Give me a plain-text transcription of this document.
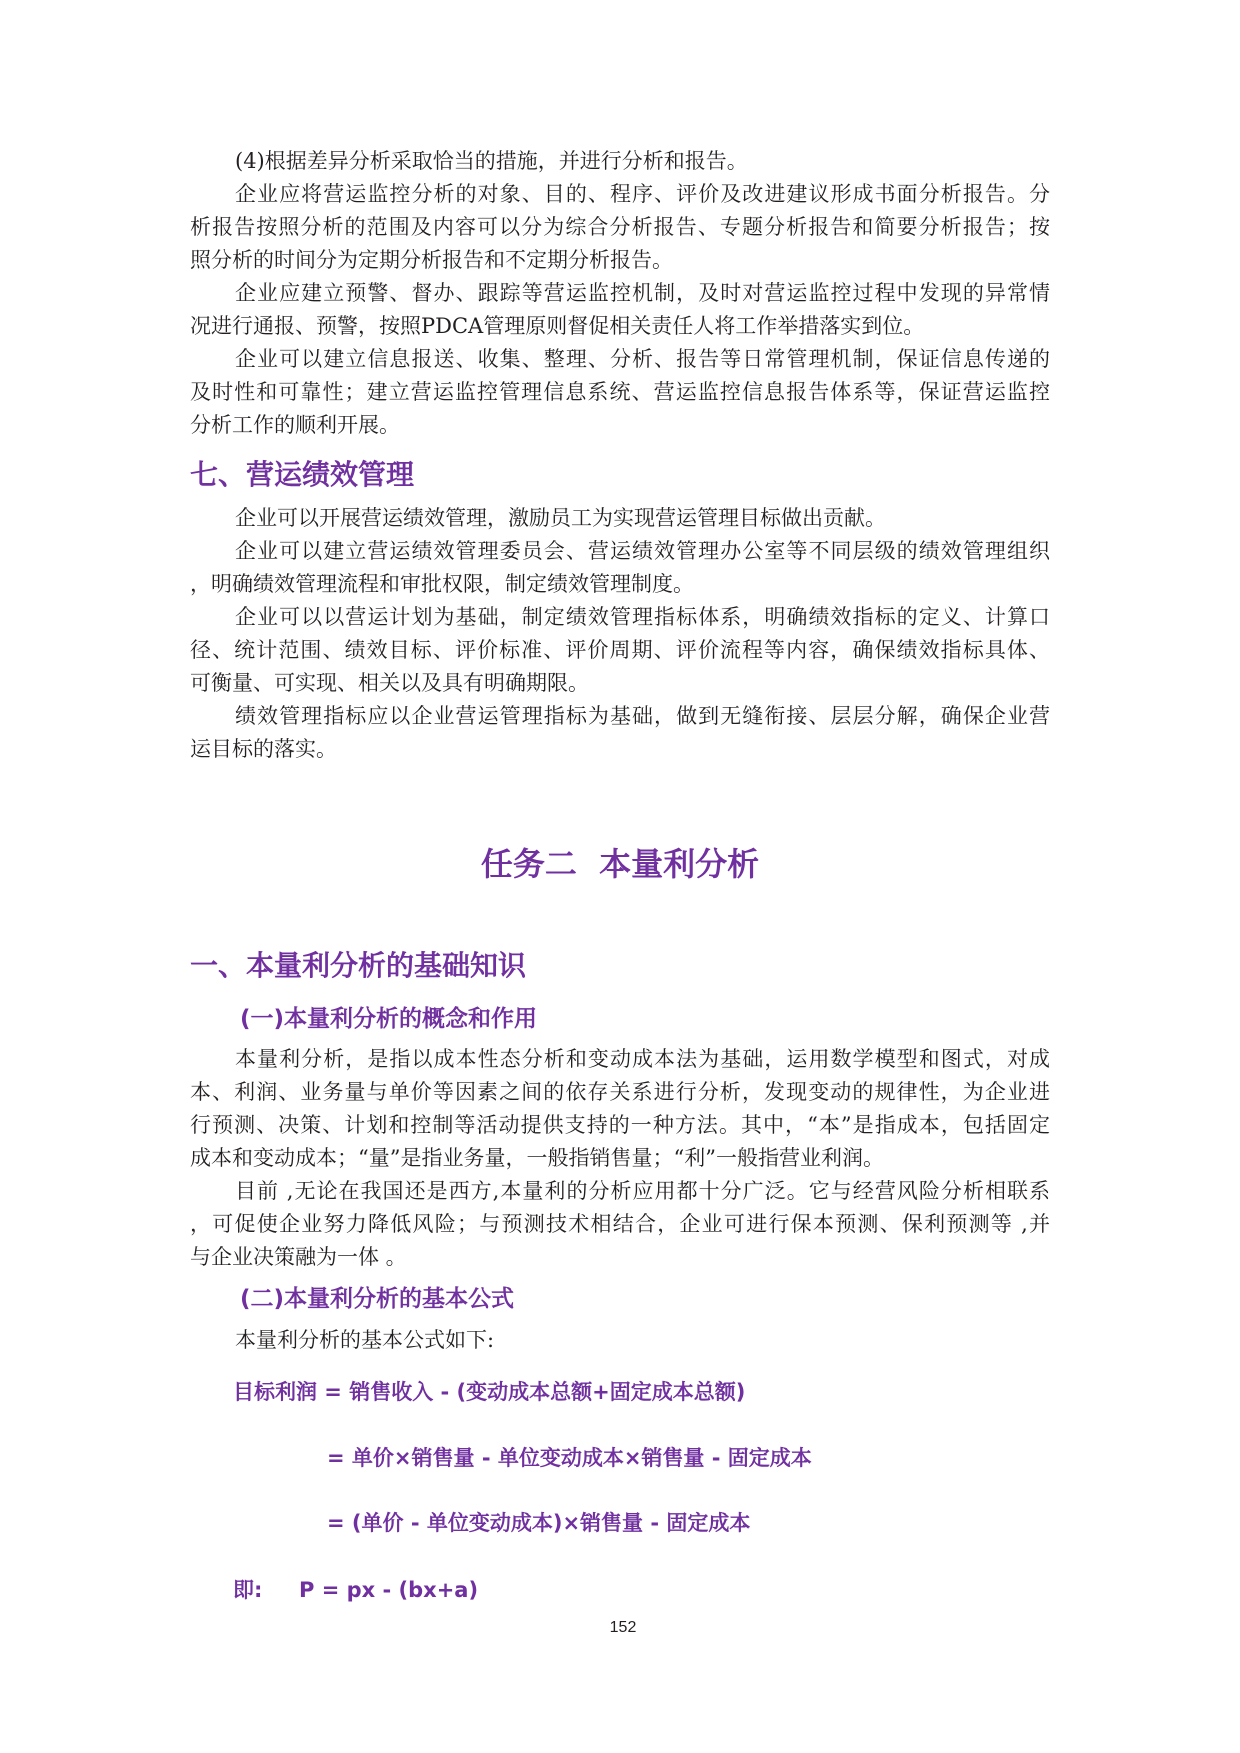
(4)根据差异分析采取恰当的措施，并进行分析和报告。
企业应将营运监控分析的对象、目的、程序、评价及改进建议形成书面分析报告。分
析报告按照分析的范围及内容可以分为综合分析报告、专题分析报告和简要分析报告；按
照分析的时间分为定期分析报告和不定期分析报告。
企业应建立预警、督办、跟踪等营运监控机制，及时对营运监控过程中发现的异常情
况进行通报、预警，按照PDCA管理原则督促相关责任人将工作举措落实到位。
企业可以建立信息报送、收集、整理、分析、报告等日常管理机制，保证信息传递的
及时性和可靠性；建立营运监控管理信息系统、营运监控信息报告体系等，保证营运监控
分析工作的顺利开展。
七、营运绩效管理
企业可以开展营运绩效管理，激励员工为实现营运管理目标做出贡献。
企业可以建立营运绩效管理委员会、营运绩效管理办公室等不同层级的绩效管理组织
，明确绩效管理流程和审批权限，制定绩效管理制度。
企业可以以营运计划为基础，制定绩效管理指标体系，明确绩效指标的定义、计算口
径、统计范围、绩效目标、评价标准、评价周期、评价流程等内容，确保绩效指标具体、
可衡量、可实现、相关以及具有明确期限。
绩效管理指标应以企业营运管理指标为基础，做到无缝衔接、层层分解，确保企业营
运目标的落实。
任务二  本量利分析
一、本量利分析的基础知识
(一)本量利分析的概念和作用
本量利分析，是指以成本性态分析和变动成本法为基础，运用数学模型和图式，对成
本、利润、业务量与单价等因素之间的依存关系进行分析，发现变动的规律性，为企业进
行预测、决策、计划和控制等活动提供支持的一种方法。其中，“本”是指成本，包括固定
成本和变动成本；“量”是指业务量，一般指销售量；“利”一般指营业利润。
目前 ,无论在我国还是西方,本量利的分析应用都十分广泛。它与经营风险分析相联系
，可促使企业努力降低风险；与预测技术相结合，企业可进行保本预测、保利预测等 ,并
与企业决策融为一体 。
(二)本量利分析的基本公式
本量利分析的基本公式如下:
目标利润 = 销售收入 - (变动成本总额+固定成本总额)
= 单价×销售量 - 单位变动成本×销售量 - 固定成本
= (单价 - 单位变动成本)×销售量 - 固定成本
即: P = px - (bx+a)
152
